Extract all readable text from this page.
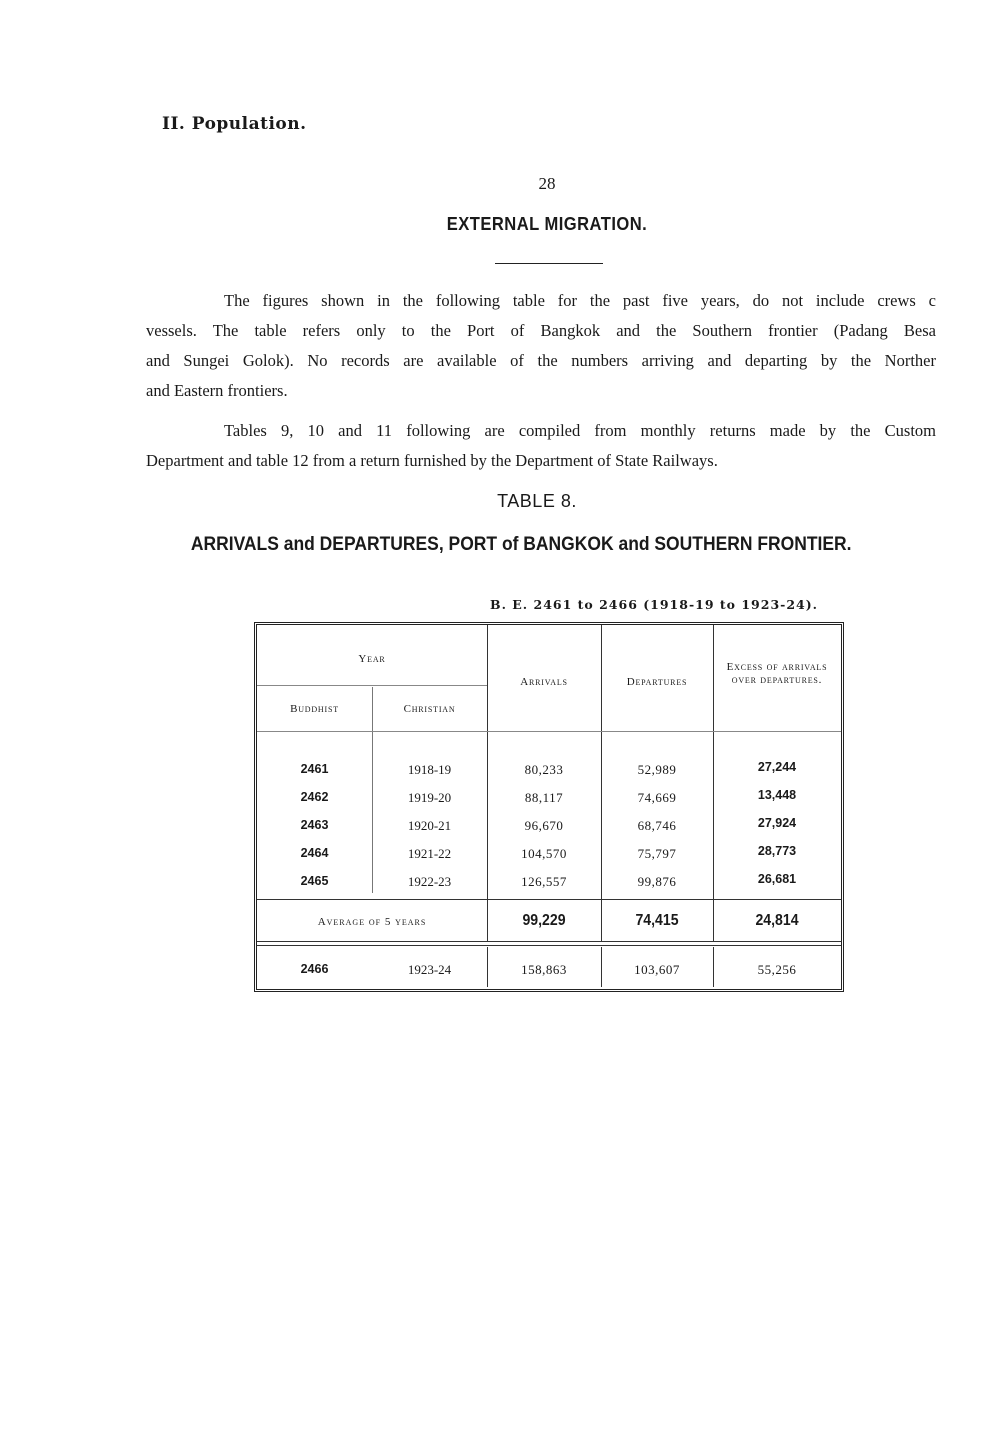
II. Population.
28
EXTERNAL MIGRATION.
The figures shown in the following table for the past five years, do not include crews c
vessels. The table refers only to the Port of Bangkok and the Southern frontier (Padang Besa
and Sungei Golok). No records are available of the numbers arriving and departing by the Norther
and Eastern frontiers.
Tables 9, 10 and 11 following are compiled from monthly returns made by the Custom
Department and table 12 from a return furnished by the Department of State Railways.
TABLE 8.
ARRIVALS and DEPARTURES, PORT of BANGKOK and SOUTHERN FRONTIER.
B. E. 2461 to 2466 (1918-19 to 1923-24).
Year
Buddhist	Christian
Arrivals	Departures
Excess of arrivals over departures.
2461	1918-19	80,233	52,989	27,244
2462	1919-20	88,117	74,669	13,448
2463	1920-21	96,670	68,746	27,924
2464	1921-22	104,570	75,797	28,773
2465	1922-23	126,557	99,876	26,681
Average of 5 years	99,229	74,415	24,814
2466	1923-24	158,863	103,607	55,256
